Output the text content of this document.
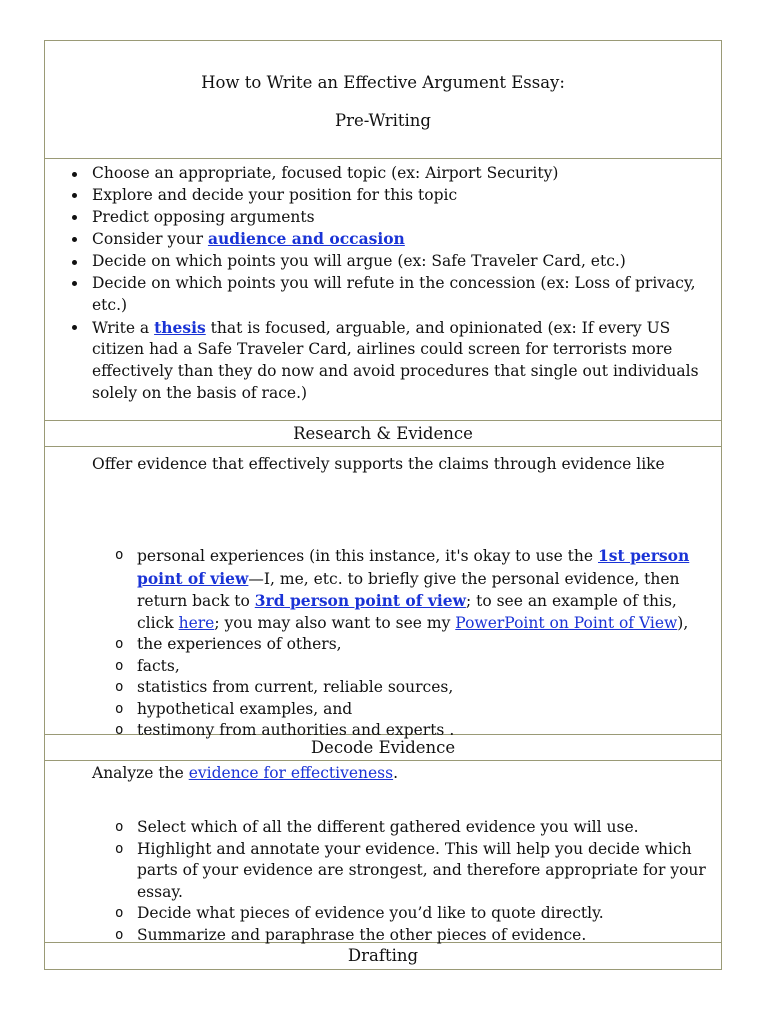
How to Write an Effective Argument Essay:
Pre-Writing
Choose an appropriate, focused topic (ex: Airport Security)
Explore and decide your position for this topic
Predict opposing arguments
Consider your audience and occasion
Decide on which points you will argue (ex: Safe Traveler Card, etc.)
Decide on which points you will refute in the concession (ex: Loss of privacy, etc.)
Write a thesis that is focused, arguable, and opinionated (ex: If every US citizen had a Safe Traveler Card, airlines could screen for terrorists more effectively than they do now and avoid procedures that single out individuals solely on the basis of race.)
Research & Evidence
Offer evidence that effectively supports the claims through evidence like
o personal experiences (in this instance, it's okay to use the 1st person point of view—I, me, etc. to briefly give the personal evidence, then return back to 3rd person point of view; to see an example of this, click here; you may also want to see my PowerPoint on Point of View),
o the experiences of others,
o facts,
o statistics from current, reliable sources,
o hypothetical examples, and
o testimony from authorities and experts .
Decode Evidence
Analyze the evidence for effectiveness.
o Select which of all the different gathered evidence you will use.
o Highlight and annotate your evidence. This will help you decide which parts of your evidence are strongest, and therefore appropriate for your essay.
o Decide what pieces of evidence you’d like to quote directly.
o Summarize and paraphrase the other pieces of evidence.
Drafting
